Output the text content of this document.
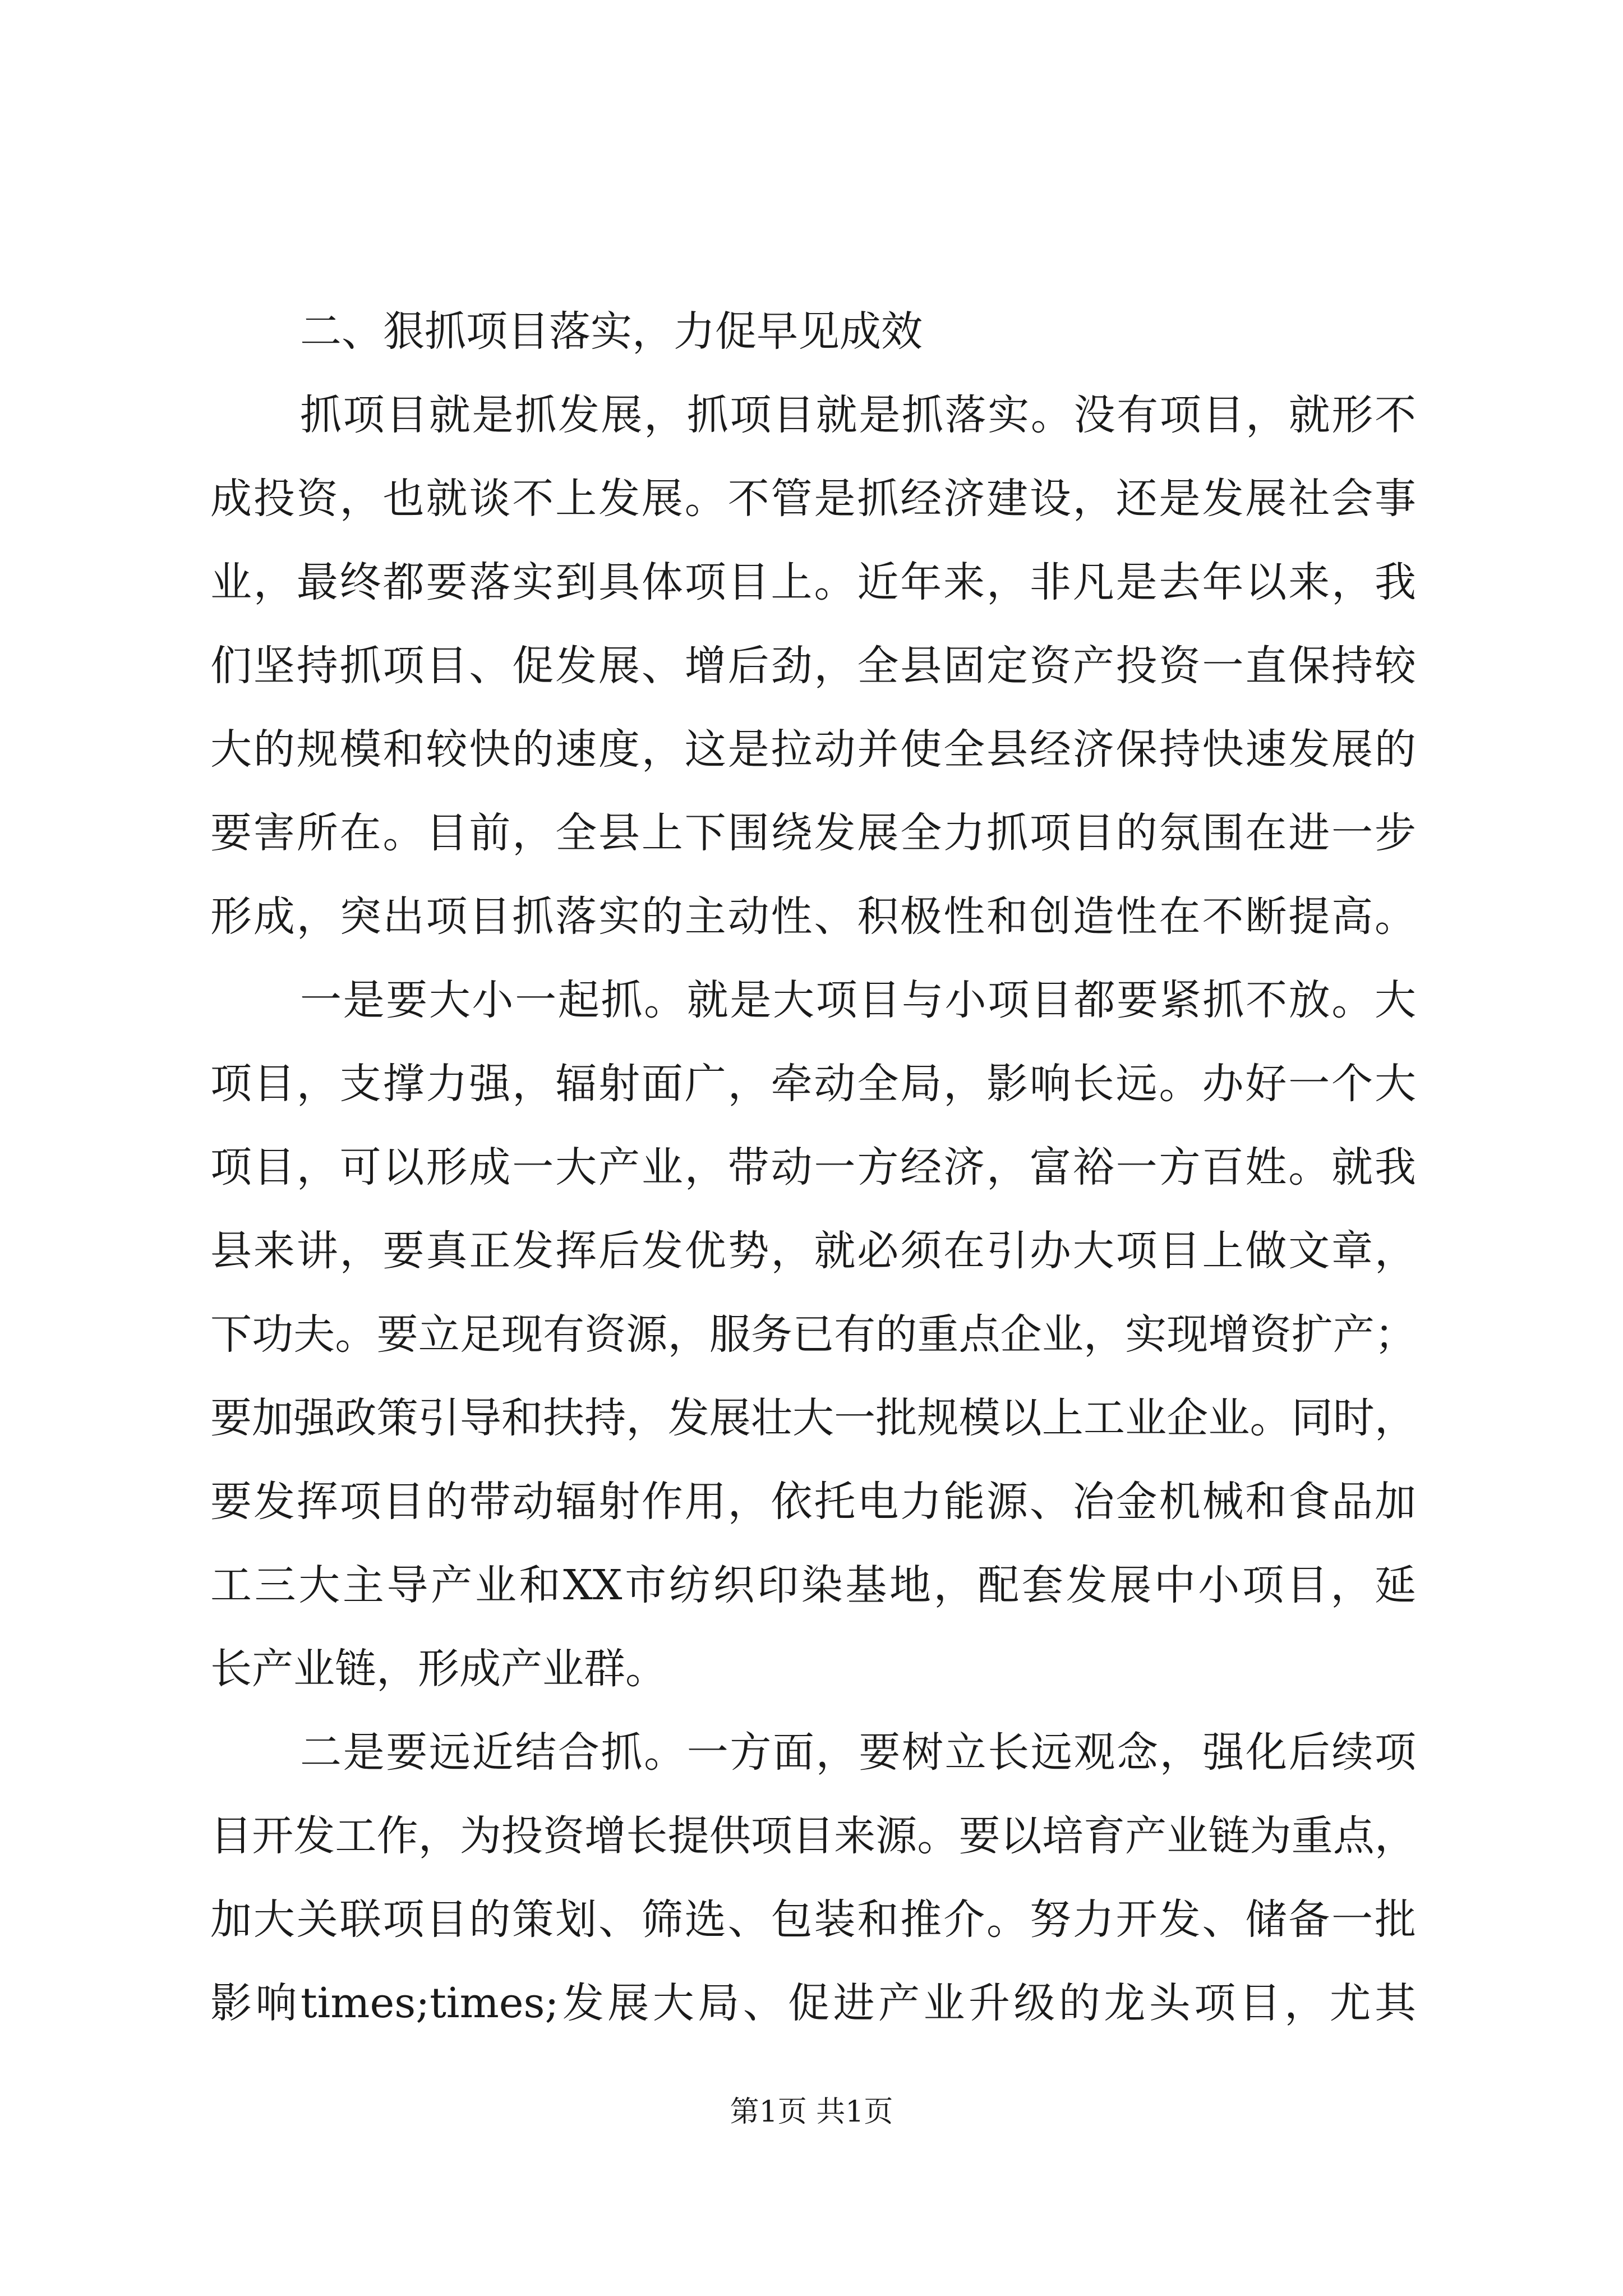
二、狠抓项目落实，力促早见成效
抓项目就是抓发展，抓项目就是抓落实。没有项目，就形不
成投资，也就谈不上发展。不管是抓经济建设，还是发展社会事
业，最终都要落实到具体项目上。近年来，非凡是去年以来，我
们坚持抓项目、促发展、增后劲，全县固定资产投资一直保持较
大的规模和较快的速度，这是拉动并使全县经济保持快速发展的
要害所在。目前，全县上下围绕发展全力抓项目的氛围在进一步
形成，突出项目抓落实的主动性、积极性和创造性在不断提高。
一是要大小一起抓。就是大项目与小项目都要紧抓不放。大
项目，支撑力强，辐射面广，牵动全局，影响长远。办好一个大
项目，可以形成一大产业，带动一方经济，富裕一方百姓。就我
县来讲，要真正发挥后发优势，就必须在引办大项目上做文章，
下功夫。要立足现有资源，服务已有的重点企业，实现增资扩产；
要加强政策引导和扶持，发展壮大一批规模以上工业企业。同时，
要发挥项目的带动辐射作用，依托电力能源、冶金机械和食品加
工三大主导产业和XX市纺织印染基地，配套发展中小项目，延
长产业链，形成产业群。
二是要远近结合抓。一方面，要树立长远观念，强化后续项
目开发工作，为投资增长提供项目来源。要以培育产业链为重点，
加大关联项目的策划、筛选、包装和推介。努力开发、储备一批
影响times;times;发展大局、促进产业升级的龙头项目，尤其
第1页 共1页
